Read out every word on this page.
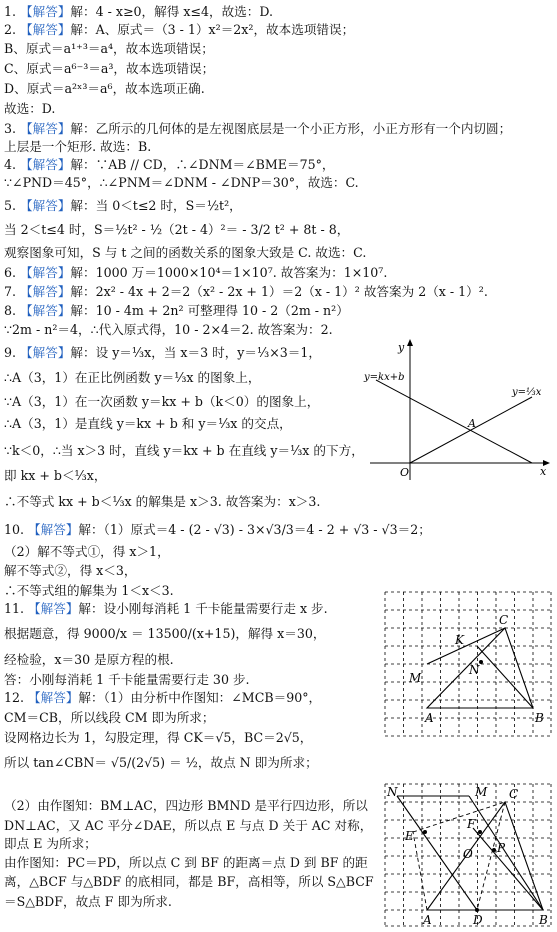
1. 【解答】解：4 - x≥0，解得 x≤4，故选：D.
2. 【解答】解：A、原式＝（3 - 1）x²＝2x²，故本选项错误；
B、原式＝a¹⁺³＝a⁴，故本选项错误；
C、原式＝a⁶⁻³＝a³，故本选项错误；
D、原式＝a²ˣ³＝a⁶，故本选项正确.
故选：D.
3. 【解答】解：乙所示的几何体的是左视图底层是一个小正方形，小正方形有一个内切圆；
上层是一个矩形. 故选：B.
4. 【解答】解：∵AB // CD，∴∠DNM＝∠BME＝75°，
∵∠PND＝45°，∴∠PNM＝∠DNM - ∠DNP＝30°，故选：C.
5. 【解答】解：当 0＜t≤2 时，S＝½t²，
当 2＜t≤4 时，S＝½t² - ½（2t - 4）²＝ - 3/2 t² + 8t - 8，
观察图象可知，S 与 t 之间的函数关系的图象大致是 C. 故选：C.
6. 【解答】解：1000 万＝1000×10⁴＝1×10⁷. 故答案为：1×10⁷.
7. 【解答】解：2x² - 4x + 2＝2（x² - 2x + 1）＝2（x - 1）² 故答案为 2（x - 1）².
8. 【解答】解：10 - 4m + 2n² 可整理得 10 - 2（2m - n²）
∵2m - n²＝4，∴代入原式得，10 - 2×4＝2. 故答案为：2.
9. 【解答】解：设 y＝⅓x，当 x＝3 时，y＝⅓×3＝1，
∴A（3，1）在正比例函数 y＝⅓x 的图象上，
∵A（3，1）在一次函数 y＝kx + b（k＜0）的图象上，
∴A（3，1）是直线 y＝kx + b 和 y＝⅓x 的交点，
∵k＜0，∴当 x＞3 时，直线 y＝kx + b 在直线 y＝⅓x 的下方，
即 kx + b＜⅓x，
∴不等式 kx + b＜⅓x 的解集是 x＞3. 故答案为：x＞3.
10. 【解答】解：（1）原式＝4 - (2 - √3) - 3×√3/3＝4 - 2 + √3 - √3＝2；
（2）解不等式①，得 x＞1，
解不等式②，得 x＜3，
∴不等式组的解集为 1＜x＜3.
11. 【解答】解：设小刚每消耗 1 千卡能量需要行走 x 步.
根据题意，得 9000/x ＝ 13500/(x+15)，解得 x＝30，
经检验，x＝30 是原方程的根.
答：小刚每消耗 1 千卡能量需要行走 30 步.
12. 【解答】解：（1）由分析中作图知：∠MCB＝90°，
CM＝CB，所以线段 CM 即为所求；
设网格边长为 1，勾股定理，得 CK＝√5，BC＝2√5，
所以 tan∠CBN＝ √5/(2√5) ＝ ½，故点 N 即为所求；
（2）由作图知：BM⊥AC，四边形 BMND 是平行四边形，所以
DN⊥AC，又 AC 平分∠DAE，所以点 E 与点 D 关于 AC 对称，
即点 E 为所求；
由作图知：PC＝PD，所以点 C 到 BF 的距离＝点 D 到 BF 的距
离，△BCF 与△BDF 的底相同，都是 BF，高相等，所以 S△BCF
＝S△BDF，故点 F 即为所求.
y
x
O
y=kx+b
y=⅓x
A
C
K
M
N
A	B
N	M C
E
F
O P
A	D	B
